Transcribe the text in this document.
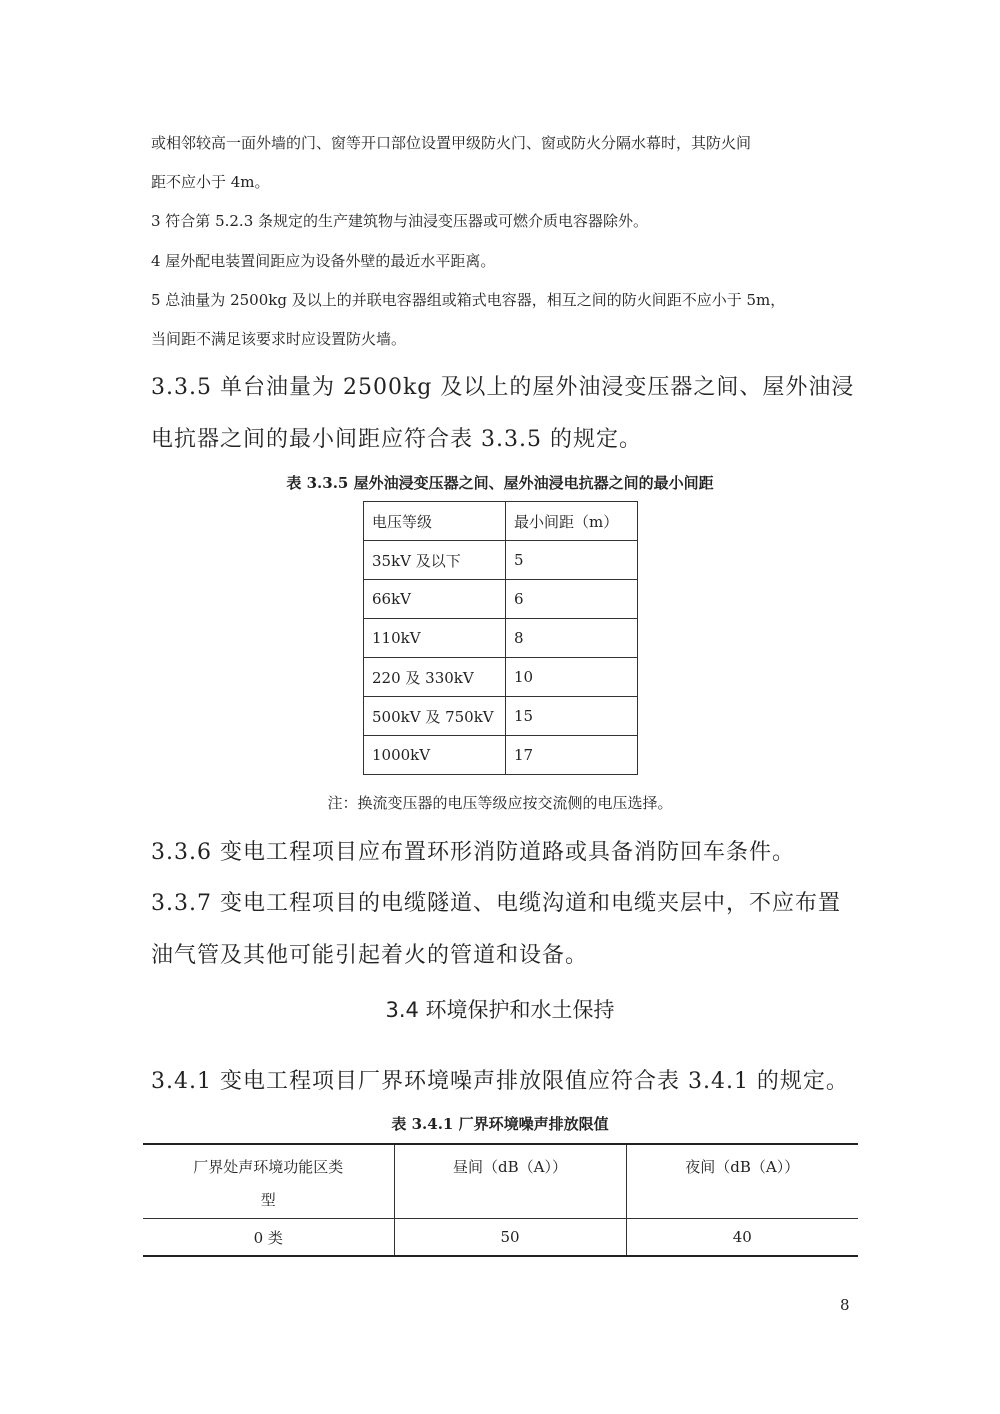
或相邻较高一面外墙的门、窗等开口部位设置甲级防火门、窗或防火分隔水幕时，其防火间
距不应小于 4m。
3 符合第 5.2.3 条规定的生产建筑物与油浸变压器或可燃介质电容器除外。
4 屋外配电装置间距应为设备外壁的最近水平距离。
5 总油量为 2500kg 及以上的并联电容器组或箱式电容器，相互之间的防火间距不应小于 5m，
当间距不满足该要求时应设置防火墙。
3.3.5 单台油量为 2500kg 及以上的屋外油浸变压器之间、屋外油浸
电抗器之间的最小间距应符合表 3.3.5 的规定。
表 3.3.5 屋外油浸变压器之间、屋外油浸电抗器之间的最小间距
电压等级	最小间距（m）
35kV 及以下	5
66kV	6
110kV	8
220 及 330kV	10
500kV 及 750kV	15
1000kV	17
注：换流变压器的电压等级应按交流侧的电压选择。
3.3.6 变电工程项目应布置环形消防道路或具备消防回车条件。
3.3.7 变电工程项目的电缆隧道、电缆沟道和电缆夹层中，不应布置
油气管及其他可能引起着火的管道和设备。
3.4 环境保护和水土保持
3.4.1 变电工程项目厂界环境噪声排放限值应符合表 3.4.1 的规定。
表 3.4.1 厂界环境噪声排放限值
厂界处声环境功能区类
型	昼间（dB（A））	夜间（dB（A））
0 类	50	40
8
